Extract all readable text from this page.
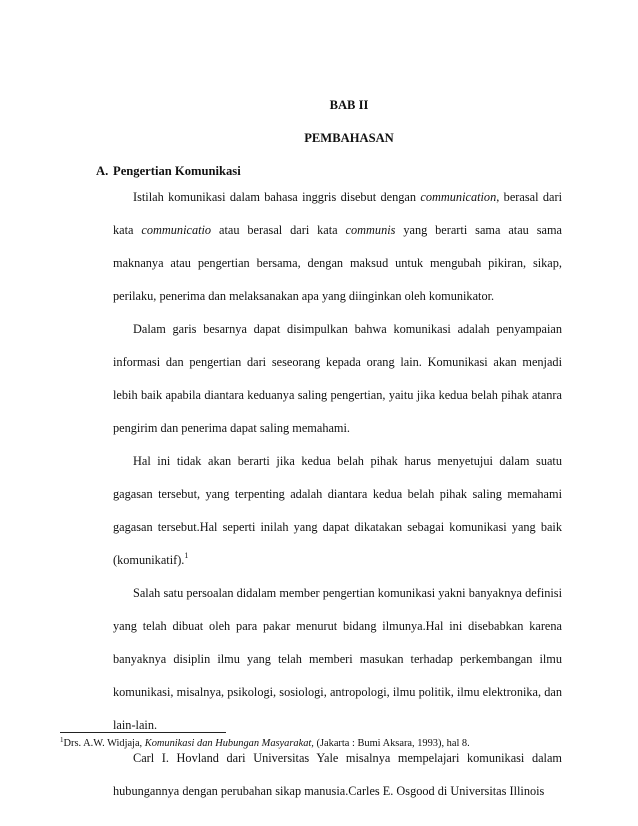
BAB II
PEMBAHASAN
A. Pengertian Komunikasi

Istilah komunikasi dalam bahasa inggris disebut dengan communication, berasal dari kata communicatio atau berasal dari kata communis yang berarti sama atau sama maknanya atau pengertian bersama, dengan maksud untuk mengubah pikiran, sikap, perilaku, penerima dan melaksanakan apa yang diinginkan oleh komunikator.

Dalam garis besarnya dapat disimpulkan bahwa komunikasi adalah penyampaian informasi dan pengertian dari seseorang kepada orang lain. Komunikasi akan menjadi lebih baik apabila diantara keduanya saling pengertian, yaitu jika kedua belah pihak atanra pengirim dan penerima dapat saling memahami.

Hal ini tidak akan berarti jika kedua belah pihak harus menyetujui dalam suatu gagasan tersebut, yang terpenting adalah diantara kedua belah pihak saling memahami gagasan tersebut.Hal seperti inilah yang dapat dikatakan sebagai komunikasi yang baik (komunikatif).$^1$

Salah satu persoalan didalam member pengertian komunikasi yakni banyaknya definisi yang telah dibuat oleh para pakar menurut bidang ilmunya.Hal ini disebabkan karena banyaknya disiplin ilmu yang telah memberi masukan terhadap perkembangan ilmu komunikasi, misalnya, psikologi, sosiologi, antropologi, ilmu politik, ilmu elektronika, dan lain-lain.

Carl I. Hovland dari Universitas Yale misalnya mempelajari komunikasi dalam hubungannya dengan perubahan sikap manusia.Carles E. Osgood di Universitas Illinois

$^1$Drs. A.W. Widjaja, Komunikasi dan Hubungan Masyarakat, (Jakarta : Bumi Aksara, 1993), hal 8.
